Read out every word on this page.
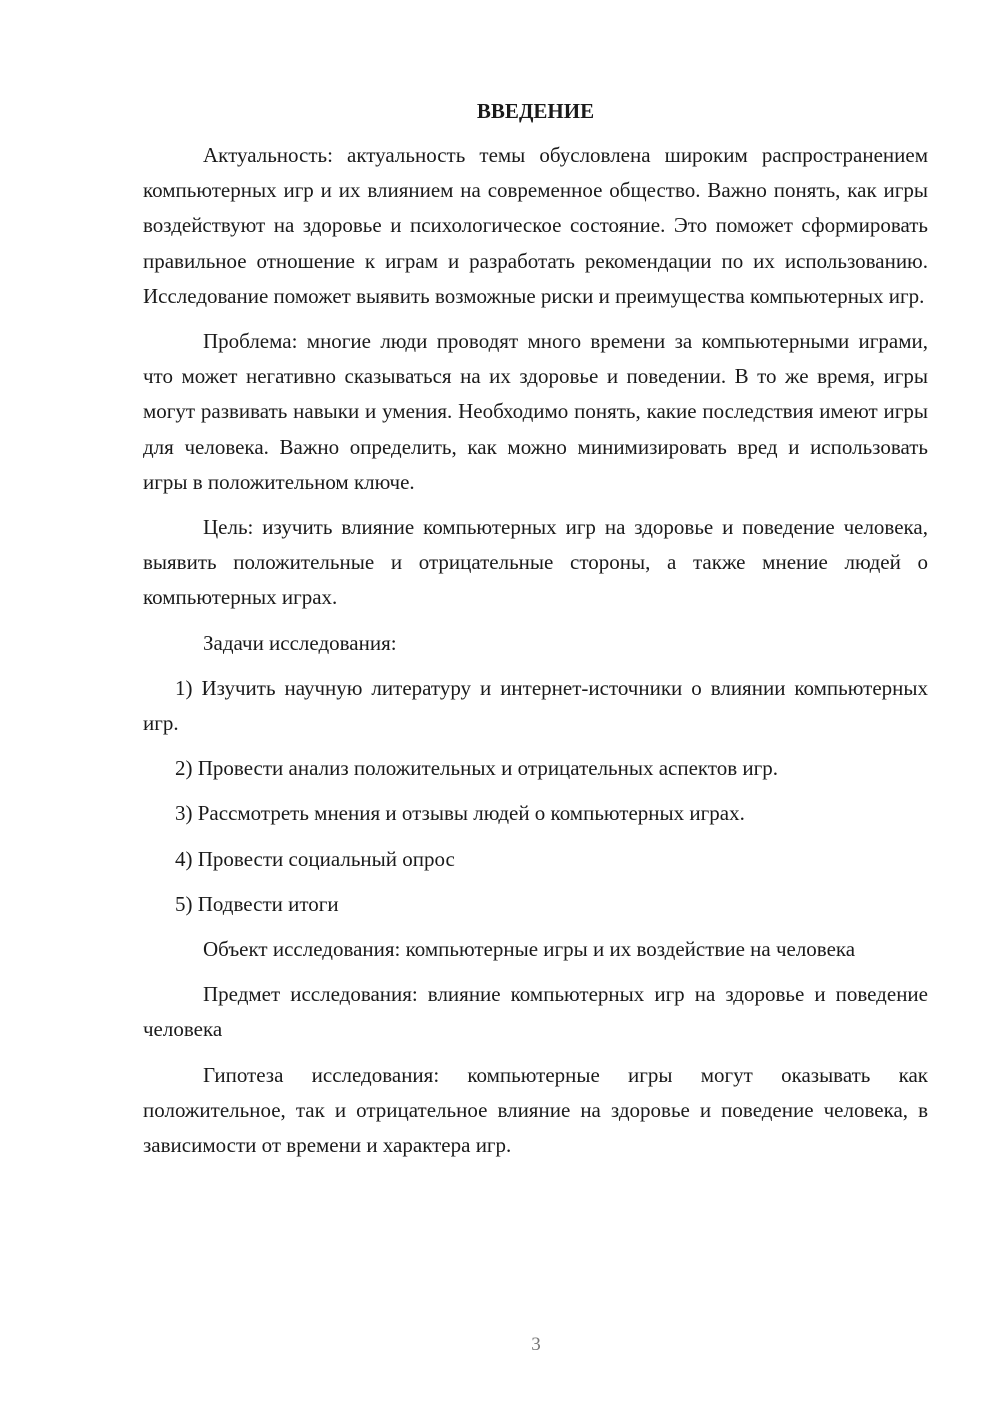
ВВЕДЕНИЕ

Актуальность: актуальность темы обусловлена широким распространением компьютерных игр и их влиянием на современное общество. Важно понять, как игры воздействуют на здоровье и психологическое состояние. Это поможет сформировать правильное отношение к играм и разработать рекомендации по их использованию. Исследование поможет выявить возможные риски и преимущества компьютерных игр.

Проблема: многие люди проводят много времени за компьютерными играми, что может негативно сказываться на их здоровье и поведении. В то же время, игры могут развивать навыки и умения. Необходимо понять, какие последствия имеют игры для человека. Важно определить, как можно минимизировать вред и использовать игры в положительном ключе.

Цель: изучить влияние компьютерных игр на здоровье и поведение человека, выявить положительные и отрицательные стороны, а также мнение людей о компьютерных играх.

Задачи исследования:

1) Изучить научную литературу и интернет-источники о влиянии компьютерных игр.

2) Провести анализ положительных и отрицательных аспектов игр.

3) Рассмотреть мнения и отзывы людей о компьютерных играх.

4) Провести социальный опрос

5) Подвести итоги

Объект исследования: компьютерные игры и их воздействие на человека

Предмет исследования: влияние компьютерных игр на здоровье и поведение человека

Гипотеза исследования: компьютерные игры могут оказывать как положительное, так и отрицательное влияние на здоровье и поведение человека, в зависимости от времени и характера игр.

3
